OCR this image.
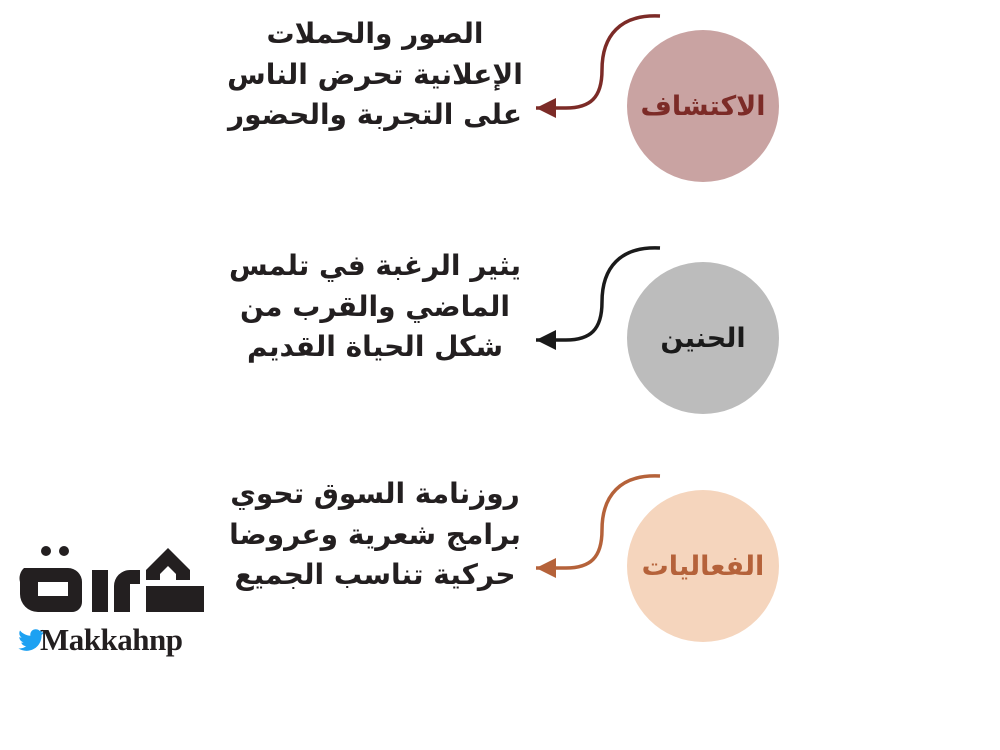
الصور والحملات الإعلانية تحرض الناس على التجربة والحضور	الاكتشاف
يثير الرغبة في تلمس الماضي والقرب من شكل الحياة القديم	الحنين
روزنامة السوق تحوي برامج شعرية وعروضا حركية تناسب الجميع	الفعاليات
Makkahnp
